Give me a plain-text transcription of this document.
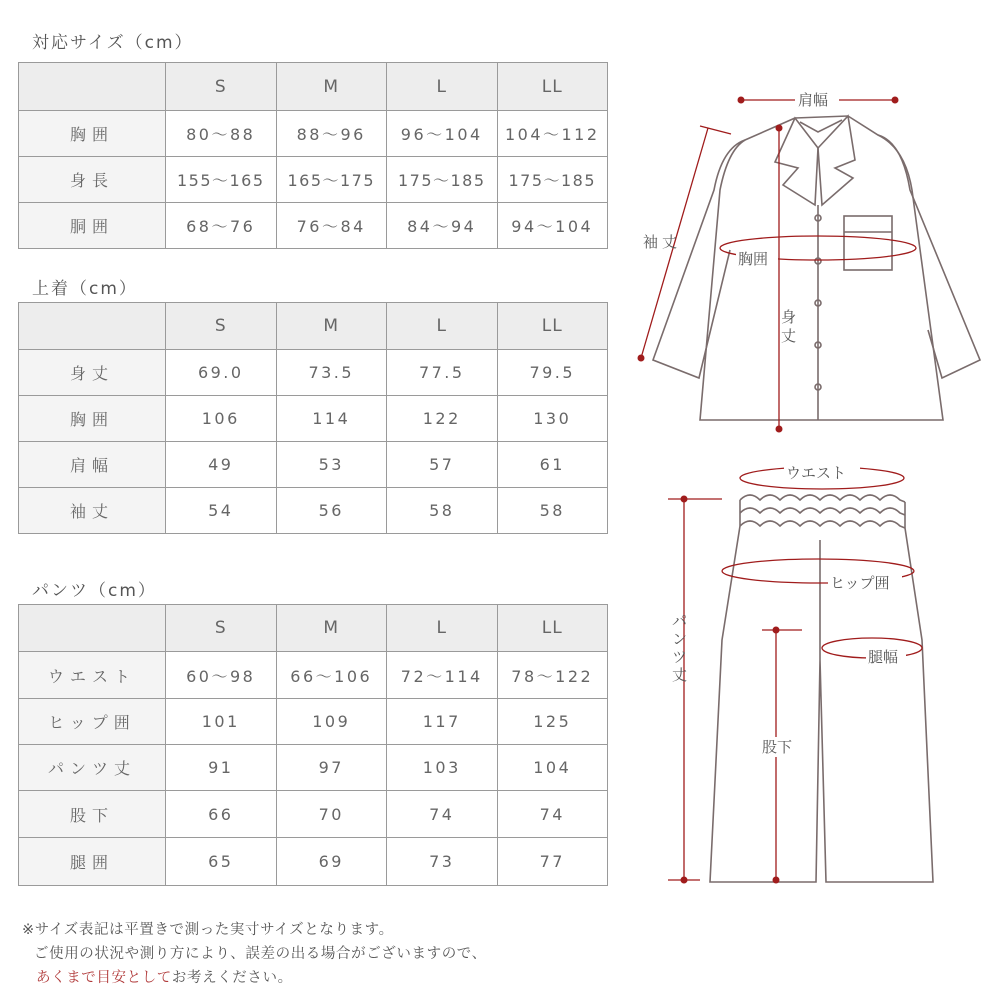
対応サイズ（cm）
	S	M	L	LL
胸囲	80〜88	88〜96	96〜104	104〜112
身長	155〜165	165〜175	175〜185	175〜185
胴囲	68〜76	76〜84	84〜94	94〜104
上着（cm）
	S	M	L	LL
身丈	69.0	73.5	77.5	79.5
胸囲	106	114	122	130
肩幅	49	53	57	61
袖丈	54	56	58	58
パンツ（cm）
	S	M	L	LL
ウエスト	60〜98	66〜106	72〜114	78〜122
ヒップ囲	101	109	117	125
パンツ丈	91	97	103	104
股下	66	70	74	74
腿囲	65	69	73	77
肩幅
袖 丈
胸囲
身
丈
ウエスト
ヒップ囲
腿幅
パ
ン
ツ
丈
股下
※サイズ表記は平置きで測った実寸サイズとなります。
ご使用の状況や測り方により、誤差の出る場合がございますので、
あくまで目安としてお考えください。
